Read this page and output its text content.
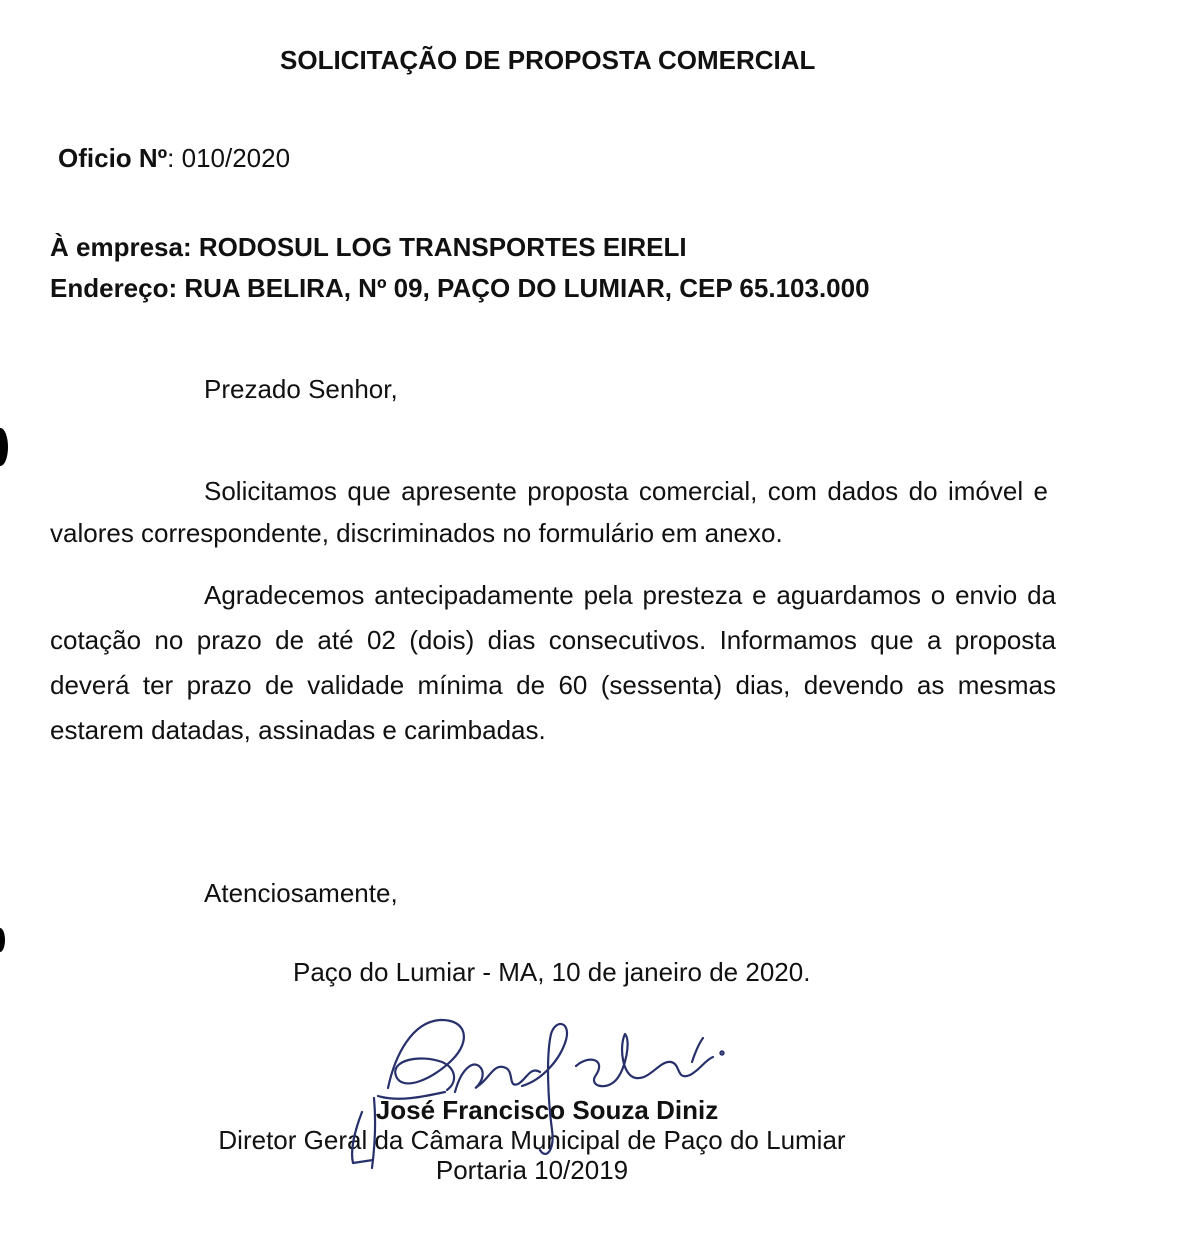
SOLICITAÇÃO DE PROPOSTA COMERCIAL
Oficio Nº: 010/2020
À empresa: RODOSUL LOG TRANSPORTES EIRELI
Endereço: RUA BELIRA, Nº 09, PAÇO DO LUMIAR, CEP 65.103.000
Prezado Senhor,
Solicitamos que apresente proposta comercial, com dados do imóvel e
valores correspondente, discriminados no formulário em anexo.
Agradecemos antecipadamente pela presteza e aguardamos o envio da
cotação no prazo de até 02 (dois) dias consecutivos. Informamos que a proposta
deverá ter prazo de validade mínima de 60 (sessenta) dias, devendo as mesmas
estarem datadas, assinadas e carimbadas.
Atenciosamente,
Paço do Lumiar - MA, 10 de janeiro de 2020.
José Francisco Souza Diniz
Diretor Geral da Câmara Municipal de Paço do Lumiar
Portaria 10/2019
